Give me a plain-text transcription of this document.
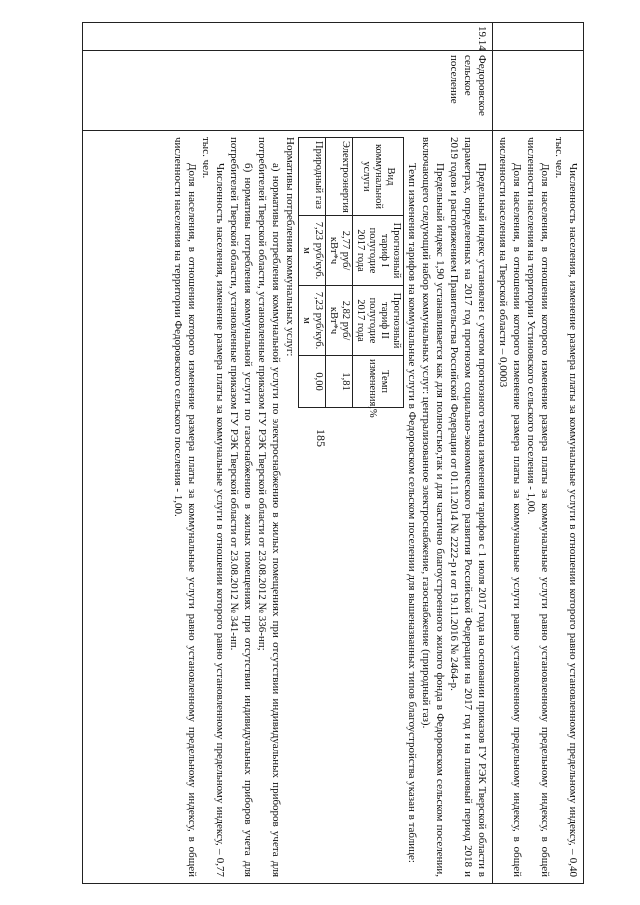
185
			Численность населения, изменение размера платы за коммунальные услуги в отношении которого равно установленному предельному индексу, – 0,40 тыс. чел.

Доля населения, в отношении которого изменение размера платы за коммунальные услуги равно установленному предельному индексу, в общей численности населения на территории Устиновского сельского поселения - 1,00.

Доля населения, в отношении которого изменение размера платы за коммунальные услуги равно установленному предельному индексу, в общей численности населения на Тверской области – 0,0003

19.14	Федоровское сельское поселение	

Предельный индекс установлен с учетом прогнозного темпа изменения тарифов с 1 июля 2017 года на основании приказов ГУ РЭК Тверской области в параметрах, определенных на 2017 год прогнозом социально-экономического развития Российской Федерации на 2017 год и на плановый период 2018 и 2019 годов и распоряжением Правительства Российской Федерации от 01.11.2014 № 2222-р и от 19.11.2016 № 2464-р.

Предельный индекс 1,90 устанавливается как для полностью,так и для частично благоустроенного жилого фонда в Федоровском сельском поселении, включающего следующий набор коммунальных услуг: централизованное электроснабжение, газоснабжение (природный газ).

Темп изменения тарифов на коммунальные услуги в Федоровском сельском поселении для вышеназванных типов благоустройства указан в таблице:

Вид коммунальной услуги	Прогнозный тариф I полугодие 2017 года	Прогнозный тариф II полугодие 2017 года	Темп изменения,%
Электроэнергия	2,77 руб/кВт*ч	2,82 руб/кВт*ч	1,81
Природный газ	7,23 руб/куб. м	7,23 руб/куб. м	0,00

Нормативы потребления коммунальных услуг:

а) нормативы потребления коммунальной услуги по электроснабжению в жилых помещениях при отсутствии индивидуальных приборов учета для потребителей Тверской области, установленные приказом ГУ РЭК Тверской области от 23.08.2012 № 336-нп;

б) нормативы потребления коммунальной услуги по газоснабжению в жилых помещениях при отсутствии индивидуальных приборов учета для потребителей Тверской области, установленные приказом ГУ РЭК Тверской области от 23.08.2012 № 341-нп.

Численность населения, изменение размера платы за коммунальные услуги в отношении которого равно установленному предельному индексу, – 0,77 тыс. чел.

Доля населения, в отношении которого изменение размера платы за коммунальные услуги равно установленному предельному индексу, в общей численности населения на территории Федоровского сельского поселения - 1,00.
